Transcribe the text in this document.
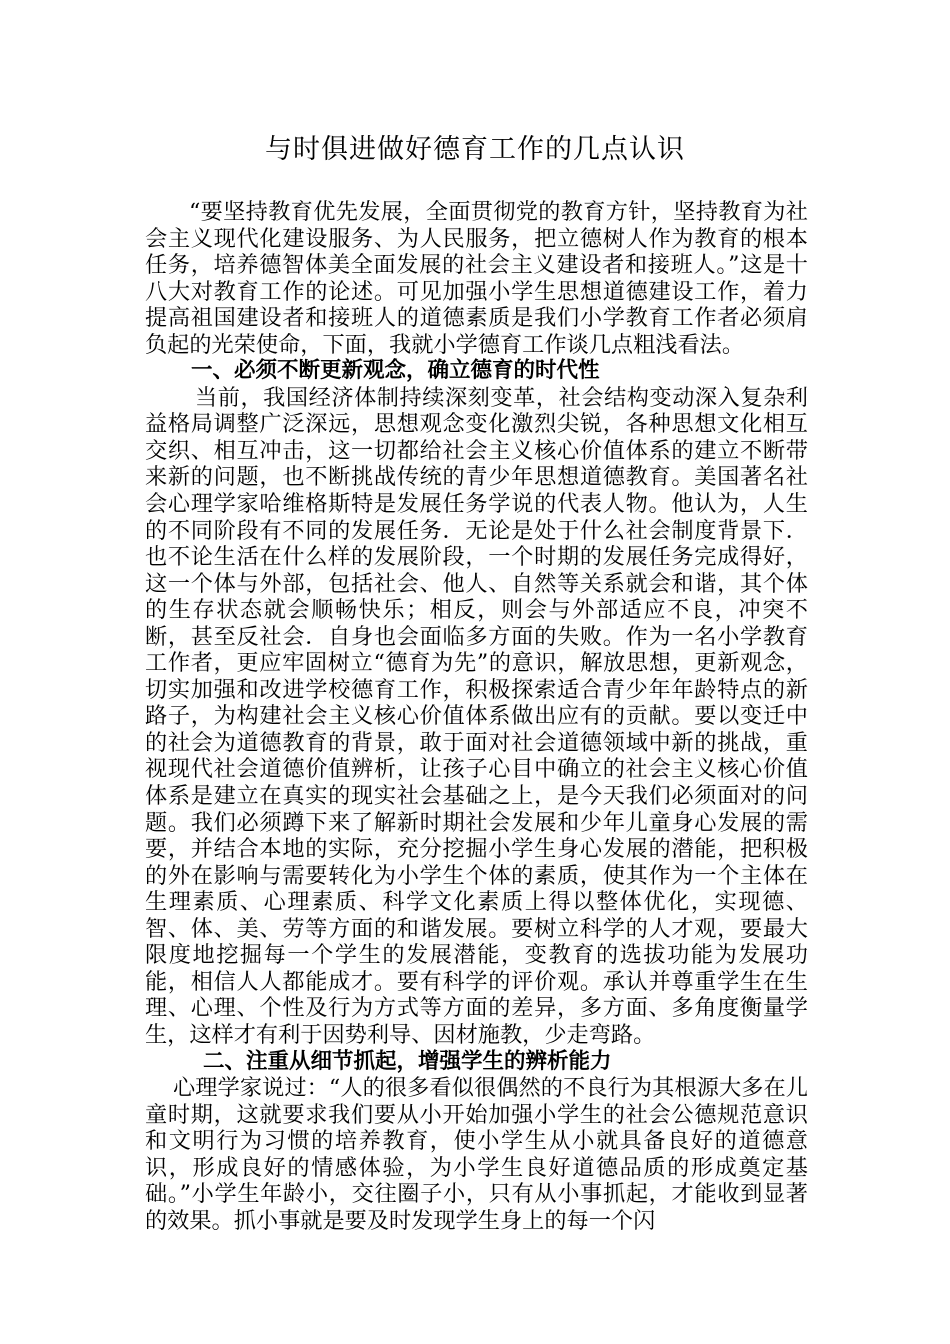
与时俱进做好德育工作的几点认识

“要坚持教育优先发展，全面贯彻党的教育方针，坚持教育为社会主义现代化建设服务、为人民服务，把立德树人作为教育的根本任务，培养德智体美全面发展的社会主义建设者和接班人。”这是十八大对教育工作的论述。可见加强小学生思想道德建设工作，着力提高祖国建设者和接班人的道德素质是我们小学教育工作者必须肩负起的光荣使命，下面，我就小学德育工作谈几点粗浅看法。

一、必须不断更新观念，确立德育的时代性

当前，我国经济体制持续深刻变革，社会结构变动深入复杂利益格局调整广泛深远，思想观念变化激烈尖锐，各种思想文化相互交织、相互冲击，这一切都给社会主义核心价值体系的建立不断带来新的问题，也不断挑战传统的青少年思想道德教育。美国著名社会心理学家哈维格斯特是发展任务学说的代表人物。他认为，人生的不同阶段有不同的发展任务．无论是处于什么社会制度背景下．也不论生活在什么样的发展阶段，一个时期的发展任务完成得好，这一个体与外部，包括社会、他人、自然等关系就会和谐，其个体的生存状态就会顺畅快乐；相反，则会与外部适应不良，冲突不断，甚至反社会．自身也会面临多方面的失败。作为一名小学教育工作者，更应牢固树立“德育为先”的意识，解放思想，更新观念，切实加强和改进学校德育工作，积极探索适合青少年年龄特点的新路子，为构建社会主义核心价值体系做出应有的贡献。要以变迁中的社会为道德教育的背景，敢于面对社会道德领域中新的挑战，重视现代社会道德价值辨析，让孩子心目中确立的社会主义核心价值体系是建立在真实的现实社会基础之上，是今天我们必须面对的问题。我们必须蹲下来了解新时期社会发展和少年儿童身心发展的需要，并结合本地的实际，充分挖掘小学生身心发展的潜能，把积极的外在影响与需要转化为小学生个体的素质，使其作为一个主体在生理素质、心理素质、科学文化素质上得以整体优化，实现德、智、体、美、劳等方面的和谐发展。要树立科学的人才观，要最大限度地挖掘每一个学生的发展潜能，变教育的选拔功能为发展功能，相信人人都能成才。要有科学的评价观。承认并尊重学生在生理、心理、个性及行为方式等方面的差异，多方面、多角度衡量学生，这样才有利于因势利导、因材施教，少走弯路。

二、注重从细节抓起，增强学生的辨析能力

心理学家说过：“人的很多看似很偶然的不良行为其根源大多在儿童时期，这就要求我们要从小开始加强小学生的社会公德规范意识和文明行为习惯的培养教育，使小学生从小就具备良好的道德意识，形成良好的情感体验，为小学生良好道德品质的形成奠定基础。”小学生年龄小，交往圈子小，只有从小事抓起，才能收到显著的效果。抓小事就是要及时发现学生身上的每一个闪
